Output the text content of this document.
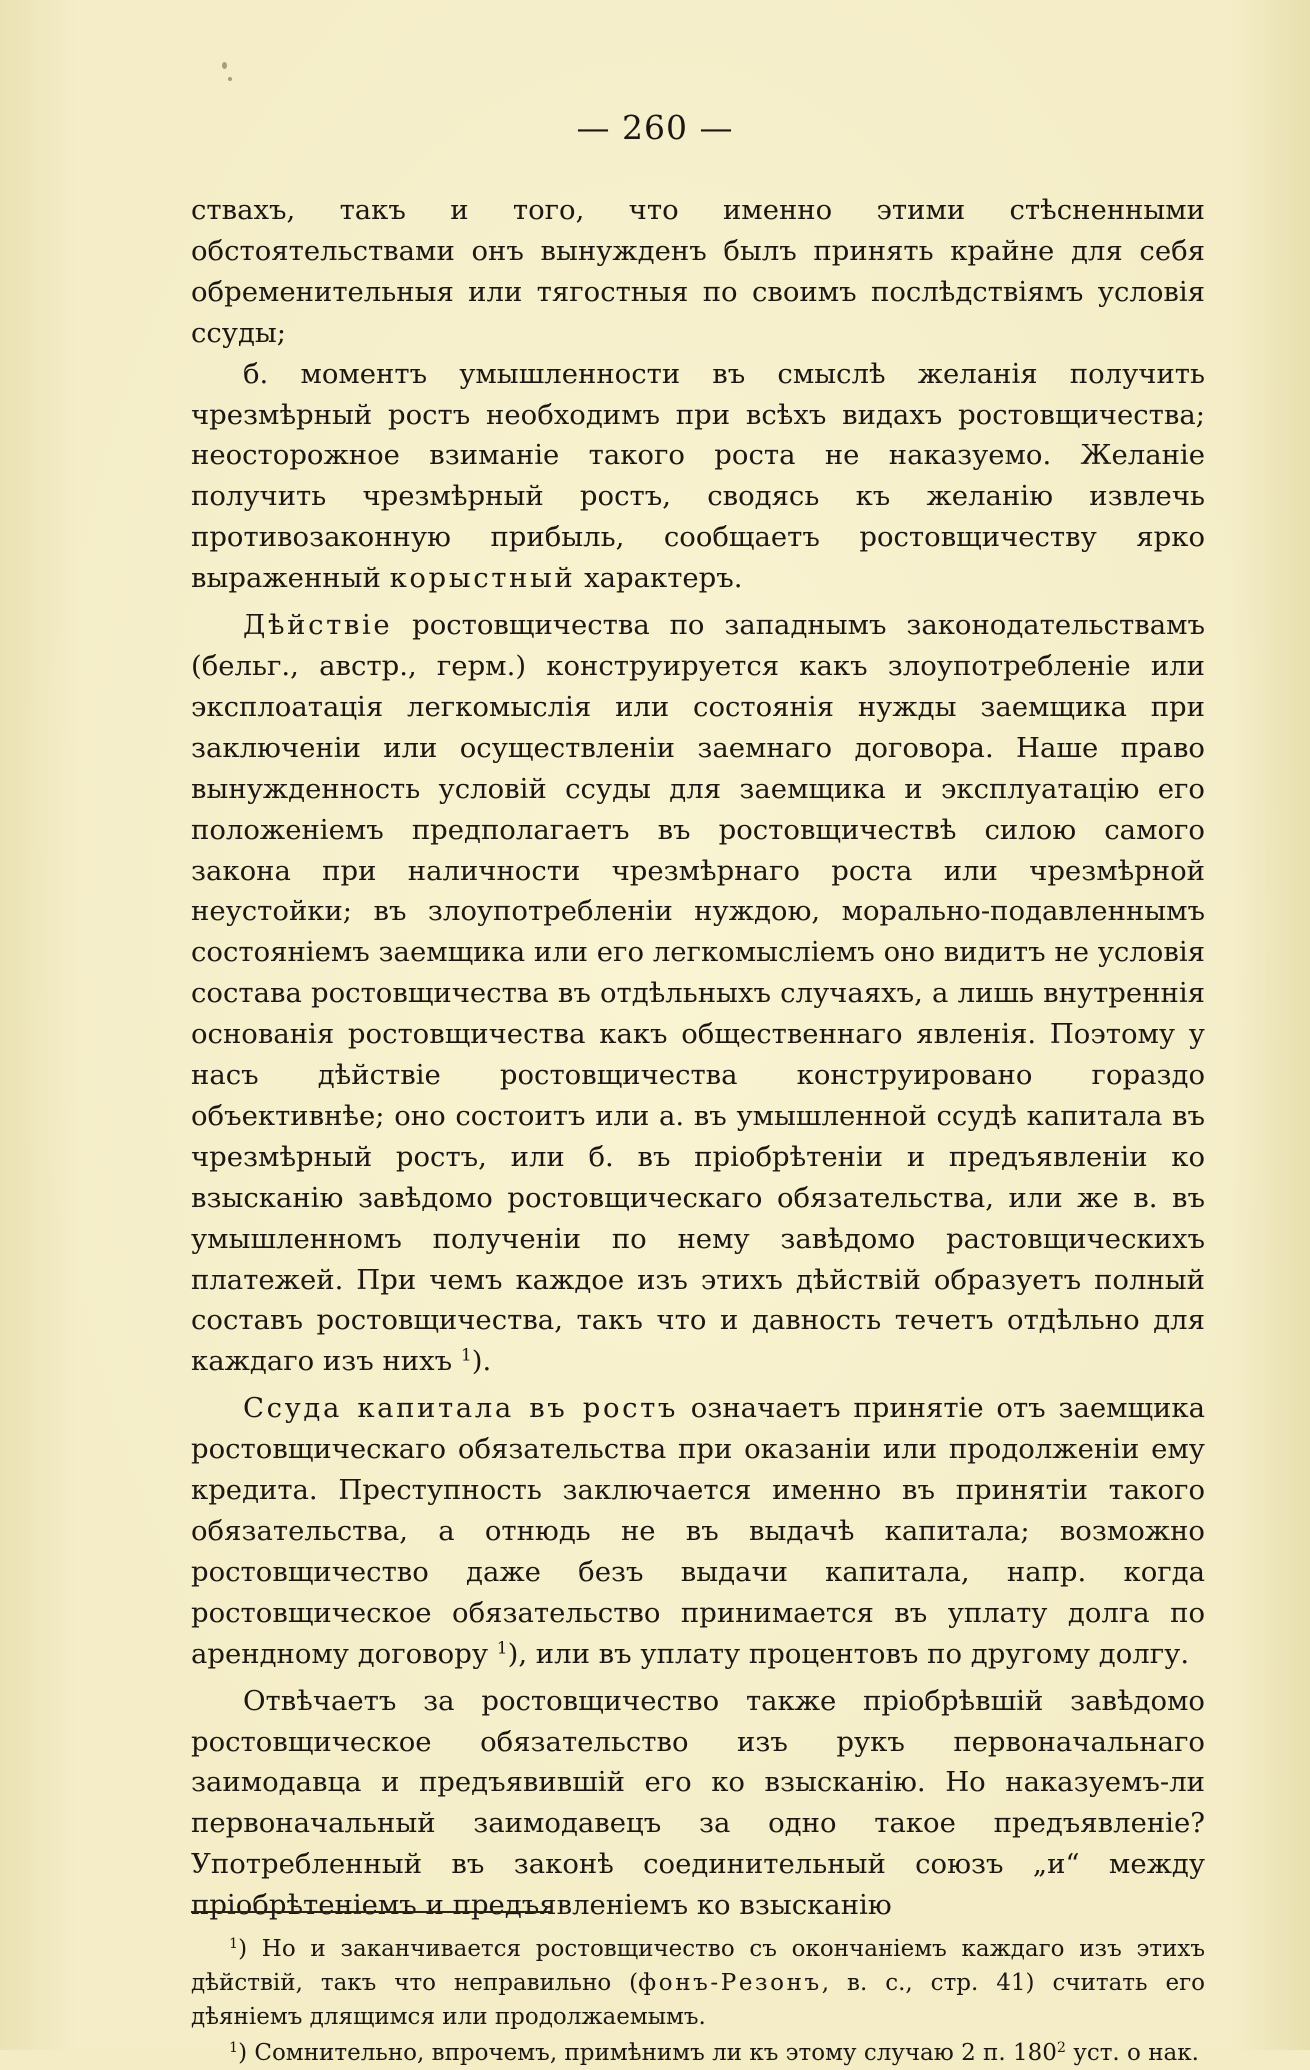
— 260 —

ствахъ, такъ и того, что именно этими стѣсненными обстоятельствами онъ вынужденъ былъ принять крайне для себя обременительныя или тягостныя по своимъ послѣдствіямъ условія ссуды;

б. моментъ умышленности въ смыслѣ желанія получить чрезмѣрный ростъ необходимъ при всѣхъ видахъ ростовщичества; неосторожное взиманіе такого роста не наказуемо. Желаніе получить чрезмѣрный ростъ, сводясь къ желанію извлечь противозаконную прибыль, сообщаетъ ростовщичеству ярко выраженный корыстный характеръ.

Дѣйствіе ростовщичества по западнымъ законодательствамъ (бельг., австр., герм.) конструируется какъ злоупотребленіе или эксплоатація легкомыслія или состоянія нужды заемщика при заключеніи или осуществленіи заемнаго договора. Наше право вынужденность условій ссуды для заемщика и эксплуатацію его положеніемъ предполагаетъ въ ростовщичествѣ силою самого закона при наличности чрезмѣрнаго роста или чрезмѣрной неустойки; въ злоупотребленіи нуждою, морально-подавленнымъ состояніемъ заемщика или его легкомысліемъ оно видитъ не условія состава ростовщичества въ отдѣльныхъ случаяхъ, а лишь внутреннія основанія ростовщичества какъ общественнаго явленія. Поэтому у насъ дѣйствіе ростовщичества конструировано гораздо объективнѣе; оно состоитъ или а. въ умышленной ссудѣ капитала въ чрезмѣрный ростъ, или б. въ пріобрѣтеніи и предъявленіи ко взысканію завѣдомо ростовщическаго обязательства, или же в. въ умышленномъ полученіи по нему завѣдомо растовщическихъ платежей. При чемъ каждое изъ этихъ дѣйствій образуетъ полный составъ ростовщичества, такъ что и давность течетъ отдѣльно для каждаго изъ нихъ $^1$).

Ссуда капитала въ ростъ означаетъ принятіе отъ заемщика ростовщическаго обязательства при оказаніи или продолженіи ему кредита. Преступность заключается именно въ принятіи такого обязательства, а отнюдь не въ выдачѣ капитала; возможно ростовщичество даже безъ выдачи капитала, напр. когда ростовщическое обязательство принимается въ уплату долга по арендному договору $^1$), или въ уплату процентовъ по другому долгу.

Отвѣчаетъ за ростовщичество также пріобрѣвшій завѣдомо ростовщическое обязательство изъ рукъ первоначальнаго заимодавца и предъявившій его ко взысканію. Но наказуемъ-ли первоначальный заимодавецъ за одно такое предъявленіе? Употребленный въ законѣ соединительный союзъ „и“ между пріобрѣтеніемъ и предъявленіемъ ко взысканію

$^1$) Но и заканчивается ростовщичество съ окончаніемъ каждаго изъ этихъ дѣйствій, такъ что неправильно (фонъ-Резонъ, в. с., стр. 41) считать его дѣяніемъ длящимся или продолжаемымъ.

$^1$) Сомнительно, впрочемъ, примѣнимъ ли къ этому случаю 2 п. $180^2$ уст. о нак.
